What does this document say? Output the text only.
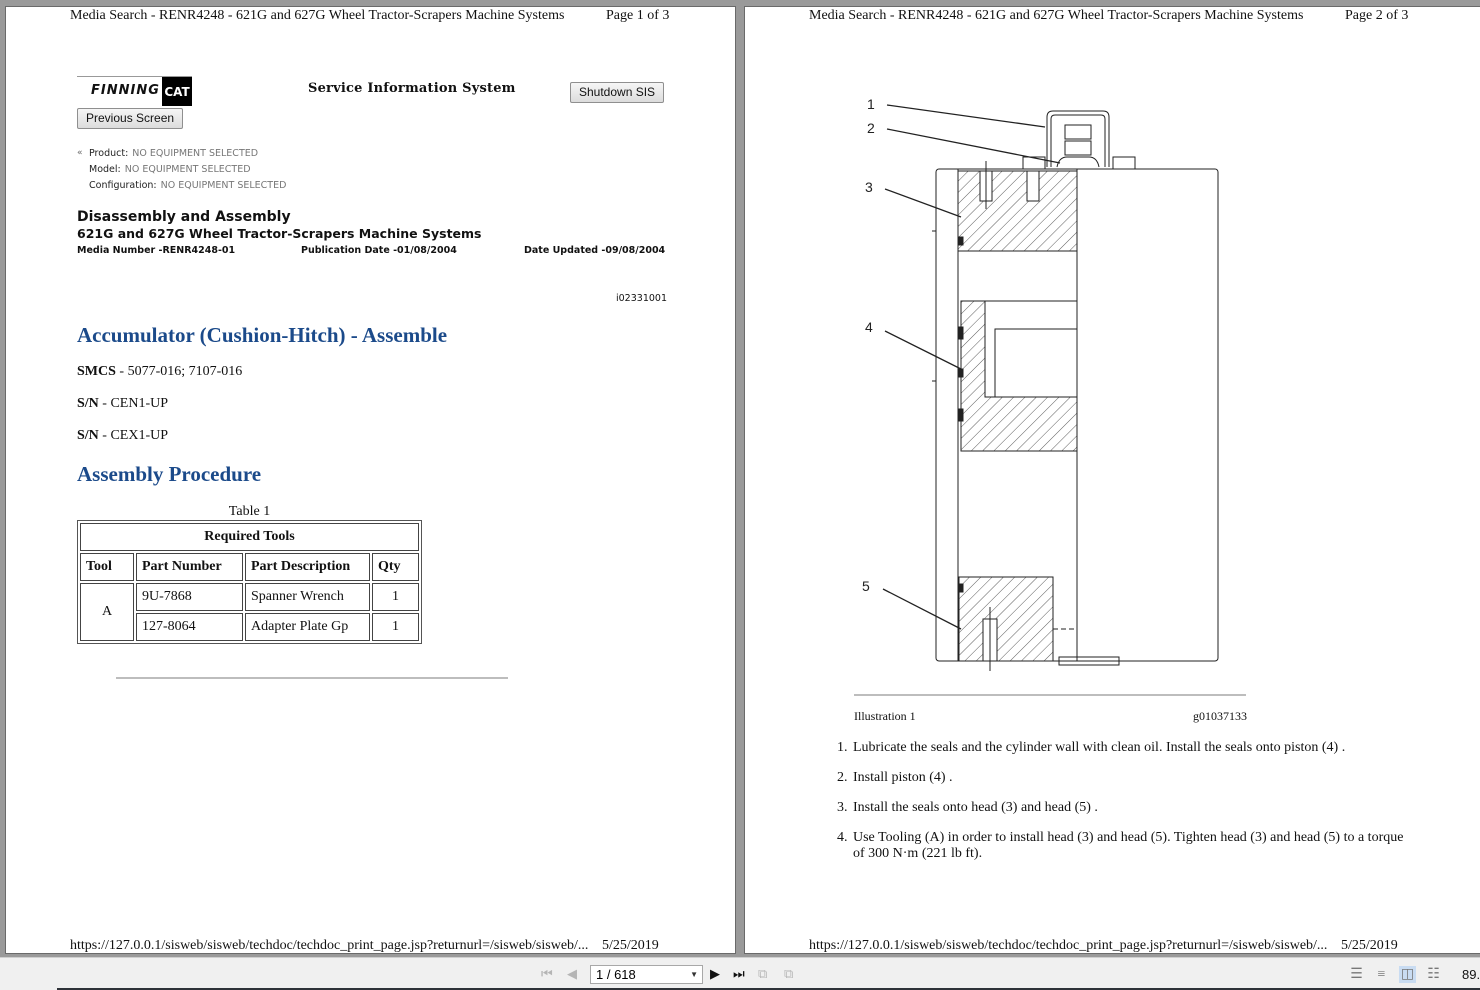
Media Search - RENR4248 - 621G and 627G Wheel Tractor-Scrapers Machine Systems	Page 1 of 3
FINNING CAT	Service Information System	Shutdown SIS
Previous Screen
« Product: NO EQUIPMENT SELECTED
Model: NO EQUIPMENT SELECTED
Configuration: NO EQUIPMENT SELECTED
Disassembly and Assembly
621G and 627G Wheel Tractor-Scrapers Machine Systems
Media Number -RENR4248-01	Publication Date -01/08/2004	Date Updated -09/08/2004
i02331001
Accumulator (Cushion-Hitch) - Assemble
SMCS - 5077-016; 7107-016
S/N - CEN1-UP
S/N - CEX1-UP
Assembly Procedure
Table 1
Required Tools			
Tool	Part Number	Part Description	Qty
A	9U-7868	Spanner Wrench	1
	127-8064	Adapter Plate Gp	1
https://127.0.0.1/sisweb/sisweb/techdoc/techdoc_print_page.jsp?returnurl=/sisweb/sisweb/... 5/25/2019
Media Search - RENR4248 - 621G and 627G Wheel Tractor-Scrapers Machine Systems	Page 2 of 3
1
2
3
4
5
Illustration 1	g01037133
1. Lubricate the seals and the cylinder wall with clean oil. Install the seals onto piston (4) .
2. Install piston (4) .
3. Install the seals onto head (3) and head (5) .
4. Use Tooling (A) in order to install head (3) and head (5). Tighten head (3) and head (5) to a torque of 300 N·m (221 lb ft).
https://127.0.0.1/sisweb/sisweb/techdoc/techdoc_print_page.jsp?returnurl=/sisweb/sisweb/... 5/25/2019
⏮ ◀	1 / 618	▼ ▶ ⏭ ⧉ ⧉	☰	≡	◫ ☷ 89.
